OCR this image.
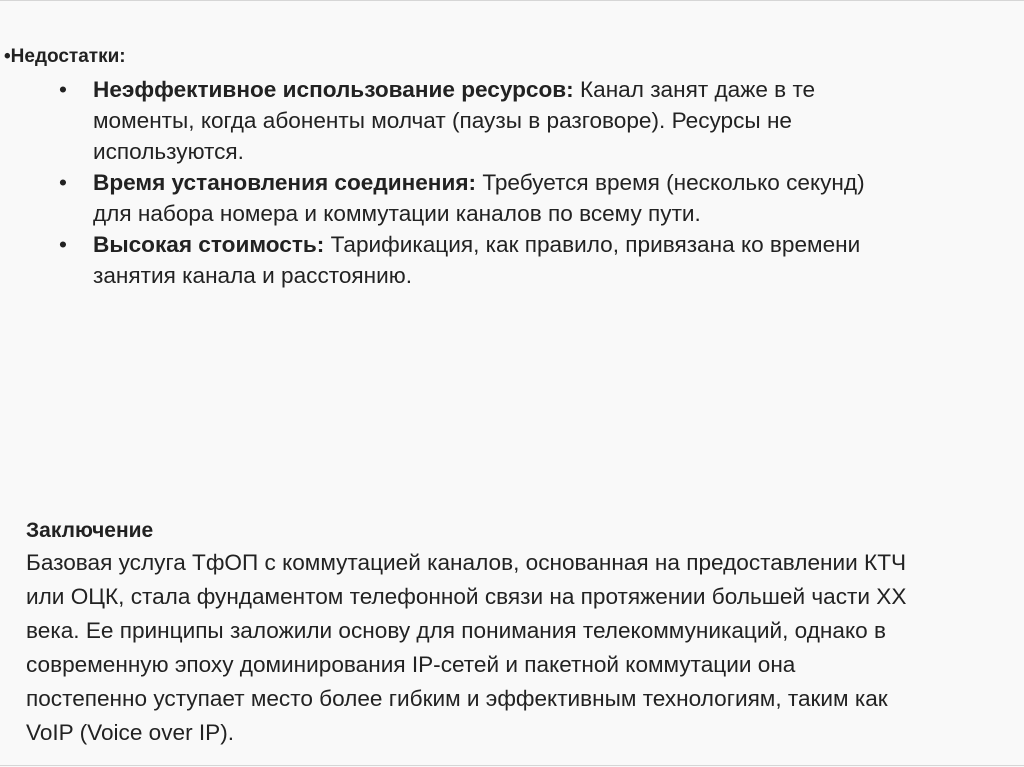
•Недостатки:
• Неэффективное использование ресурсов: Канал занят даже в те
моменты, когда абоненты молчат (паузы в разговоре). Ресурсы не
используются.
• Время установления соединения: Требуется время (несколько секунд)
для набора номера и коммутации каналов по всему пути.
• Высокая стоимость: Тарификация, как правило, привязана ко времени
занятия канала и расстоянию.
Заключение
Базовая услуга ТфОП с коммутацией каналов, основанная на предоставлении КТЧ
или ОЦК, стала фундаментом телефонной связи на протяжении большей части XX
века. Ее принципы заложили основу для понимания телекоммуникаций, однако в
современную эпоху доминирования IP-сетей и пакетной коммутации она
постепенно уступает место более гибким и эффективным технологиям, таким как
VoIP (Voice over IP).
